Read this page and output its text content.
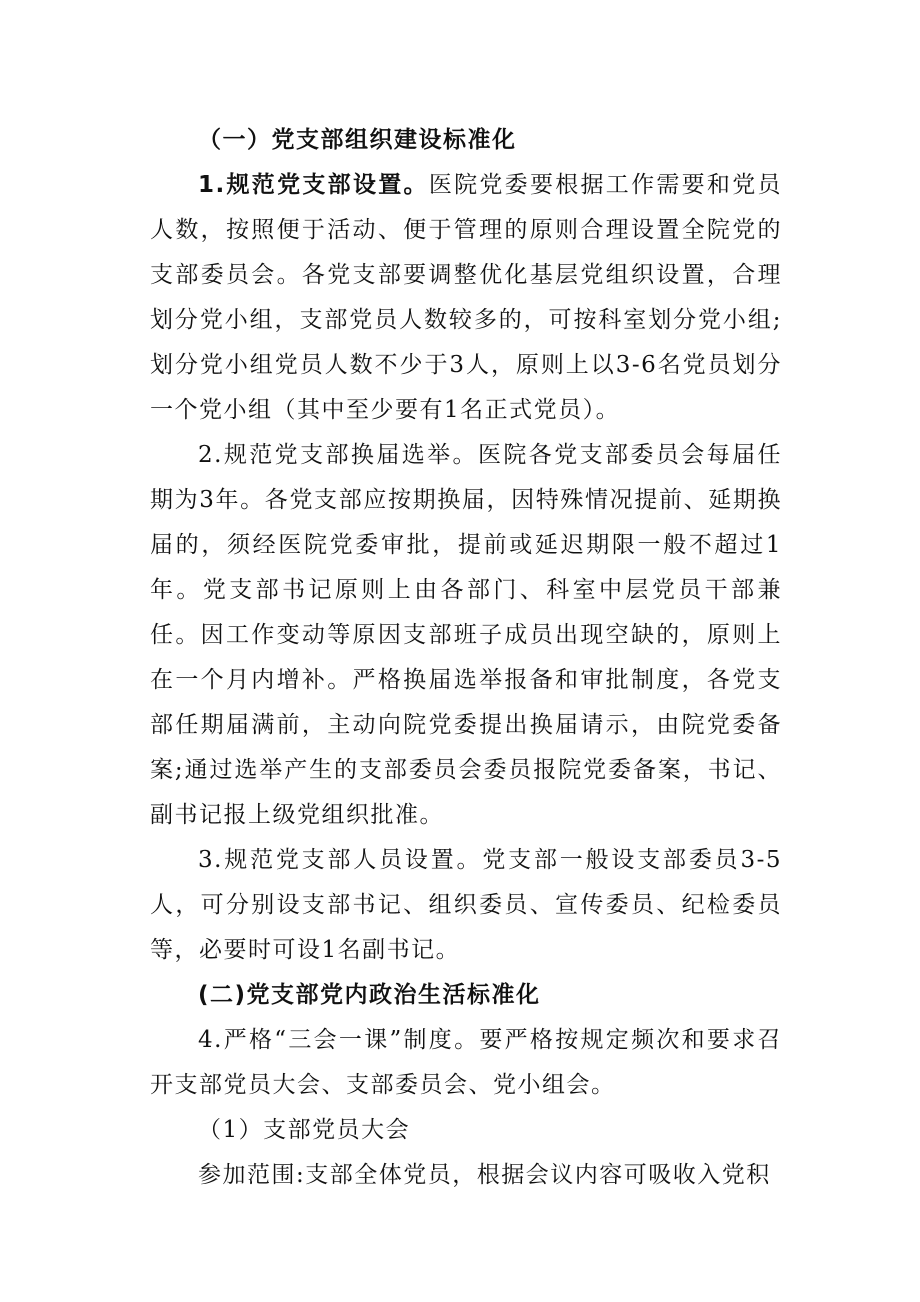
（一）党支部组织建设标准化

1.规范党支部设置。医院党委要根据工作需要和党员人数，按照便于活动、便于管理的原则合理设置全院党的支部委员会。各党支部要调整优化基层党组织设置，合理划分党小组，支部党员人数较多的，可按科室划分党小组;划分党小组党员人数不少于3人，原则上以3-6名党员划分一个党小组（其中至少要有1名正式党员）。

2.规范党支部换届选举。医院各党支部委员会每届任期为3年。各党支部应按期换届，因特殊情况提前、延期换届的，须经医院党委审批，提前或延迟期限一般不超过1年。党支部书记原则上由各部门、科室中层党员干部兼任。因工作变动等原因支部班子成员出现空缺的，原则上在一个月内增补。严格换届选举报备和审批制度，各党支部任期届满前，主动向院党委提出换届请示，由院党委备案;通过选举产生的支部委员会委员报院党委备案，书记、副书记报上级党组织批准。

3.规范党支部人员设置。党支部一般设支部委员3-5人，可分别设支部书记、组织委员、宣传委员、纪检委员等，必要时可设1名副书记。

(二)党支部党内政治生活标准化

4.严格“三会一课”制度。要严格按规定频次和要求召开支部党员大会、支部委员会、党小组会。

（1）支部党员大会

参加范围:支部全体党员，根据会议内容可吸收入党积
